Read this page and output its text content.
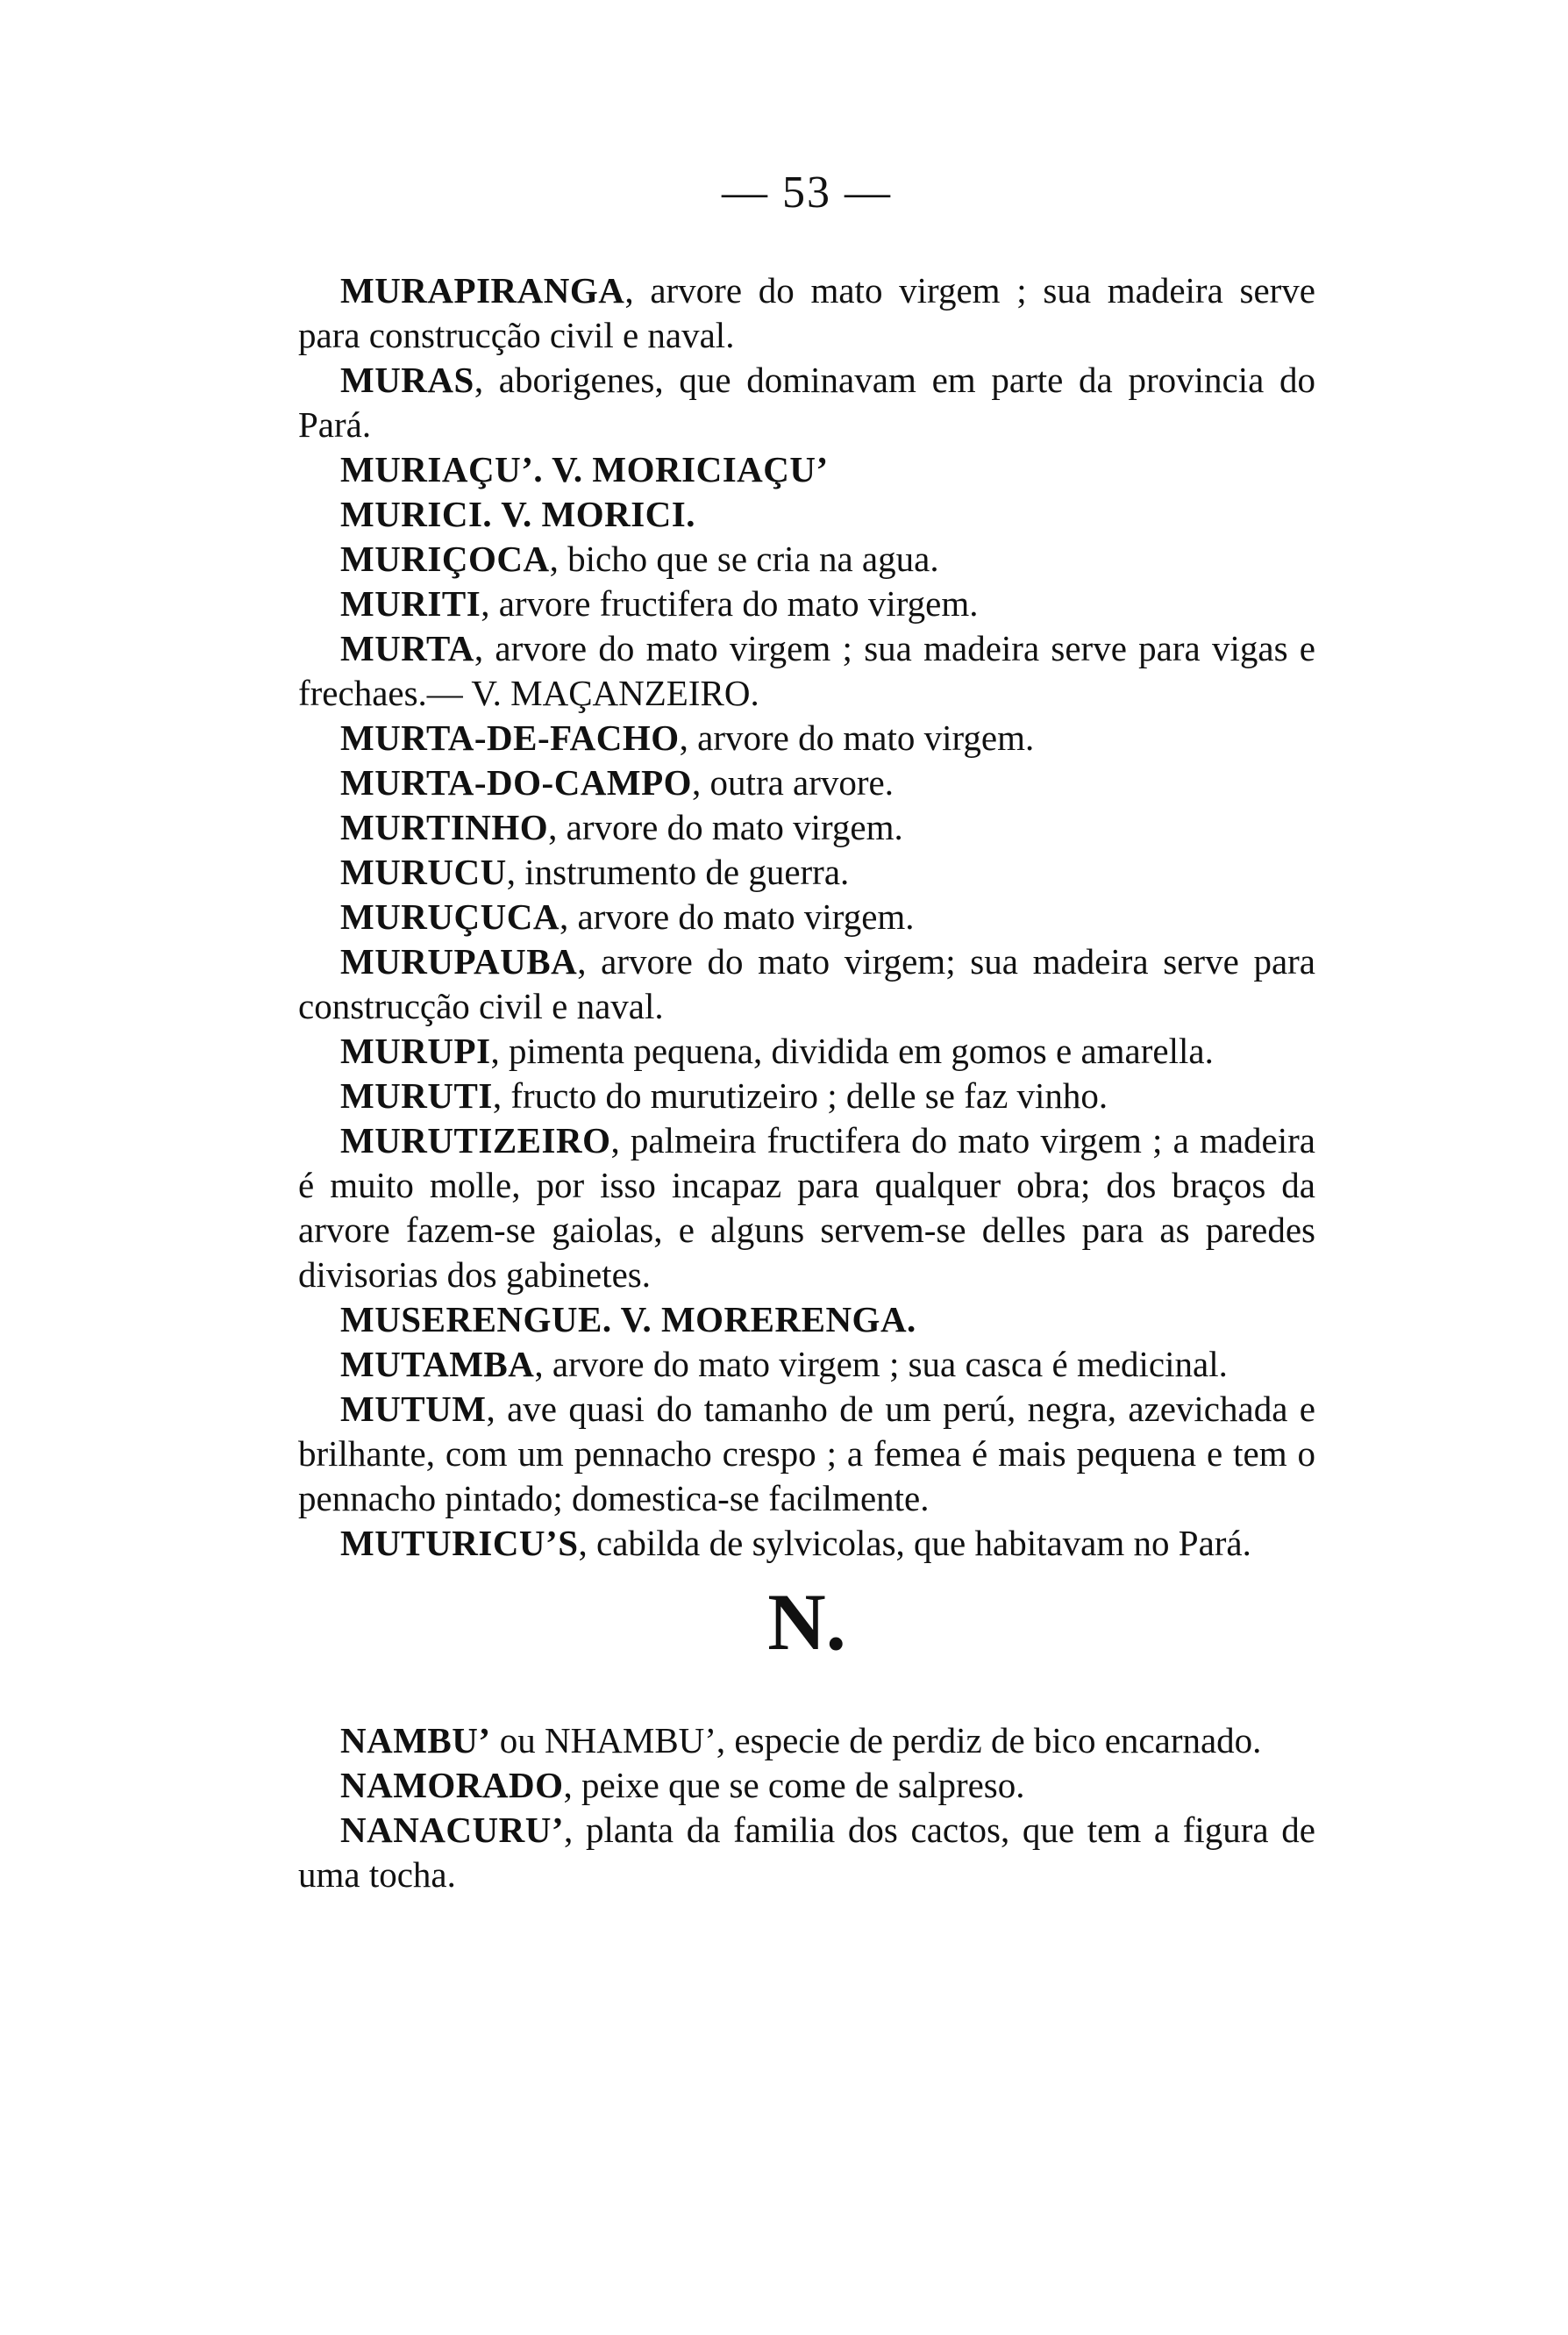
— 53 —

MURAPIRANGA, arvore do mato virgem ; sua madeira serve para construcção civil e naval.

MURAS, aborigenes, que dominavam em parte da provincia do Pará.

MURIAÇU’. V. MORICIAÇU’

MURICI. V. MORICI.

MURIÇOCA, bicho que se cria na agua.

MURITI, arvore fructifera do mato virgem.

MURTA, arvore do mato virgem ; sua madeira serve para vigas e frechaes.— V. MAÇANZEIRO.

MURTA-DE-FACHO, arvore do mato virgem.

MURTA-DO-CAMPO, outra arvore.

MURTINHO, arvore do mato virgem.

MURUCU, instrumento de guerra.

MURUÇUCA, arvore do mato virgem.

MURUPAUBA, arvore do mato virgem; sua madeira serve para construcção civil e naval.

MURUPI, pimenta pequena, dividida em gomos e amarella.

MURUTI, fructo do murutizeiro ; delle se faz vinho.

MURUTIZEIRO, palmeira fructifera do mato virgem ; a madeira é muito molle, por isso incapaz para qualquer obra; dos braços da arvore fazem-se gaiolas, e alguns servem-se delles para as paredes divisorias dos gabinetes.

MUSERENGUE. V. MORERENGA.

MUTAMBA, arvore do mato virgem ; sua casca é medicinal.

MUTUM, ave quasi do tamanho de um perú, negra, azevichada e brilhante, com um pennacho crespo ; a femea é mais pequena e tem o pennacho pintado; domestica-se facilmente.

MUTURICU’S, cabilda de sylvicolas, que habitavam no Pará.

N.

NAMBU’ ou NHAMBU’, especie de perdiz de bico encarnado.

NAMORADO, peixe que se come de salpreso.

NANACURU’, planta da familia dos cactos, que tem a figura de uma tocha.
